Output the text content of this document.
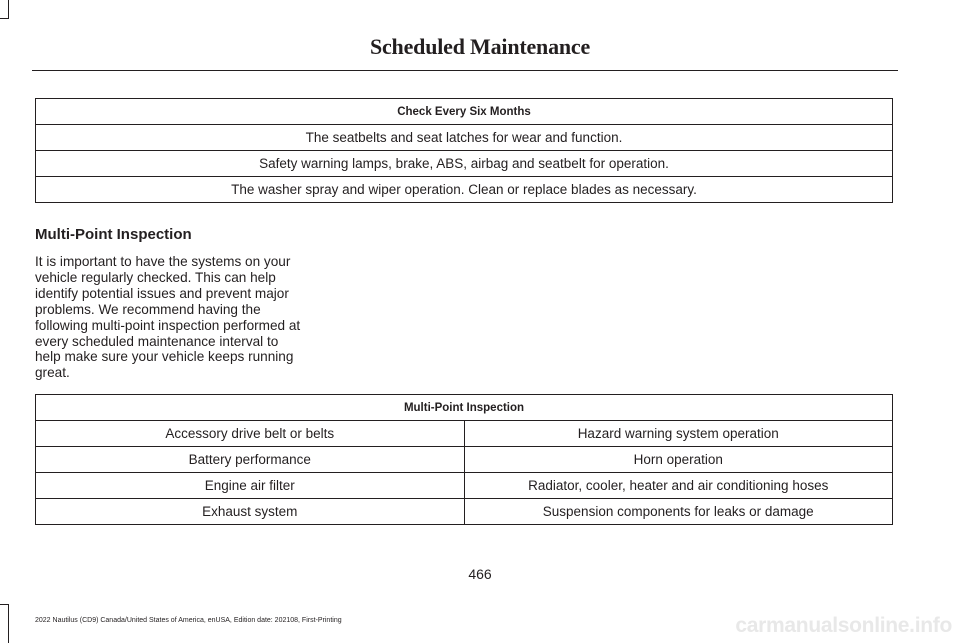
Scheduled Maintenance
Check Every Six Months
The seatbelts and seat latches for wear and function.
Safety warning lamps, brake, ABS, airbag and seatbelt for operation.
The washer spray and wiper operation. Clean or replace blades as necessary.
Multi-Point Inspection
It is important to have the systems on your vehicle regularly checked. This can help identify potential issues and prevent major problems. We recommend having the following multi-point inspection performed at every scheduled maintenance interval to help make sure your vehicle keeps running great.
Multi-Point Inspection	
Accessory drive belt or belts	Hazard warning system operation
Battery performance	Horn operation
Engine air filter	Radiator, cooler, heater and air conditioning hoses
Exhaust system	Suspension components for leaks or damage
466
2022 Nautilus (CD9) Canada/United States of America, enUSA, Edition date: 202108, First-Printing	carmanualsonline.info
